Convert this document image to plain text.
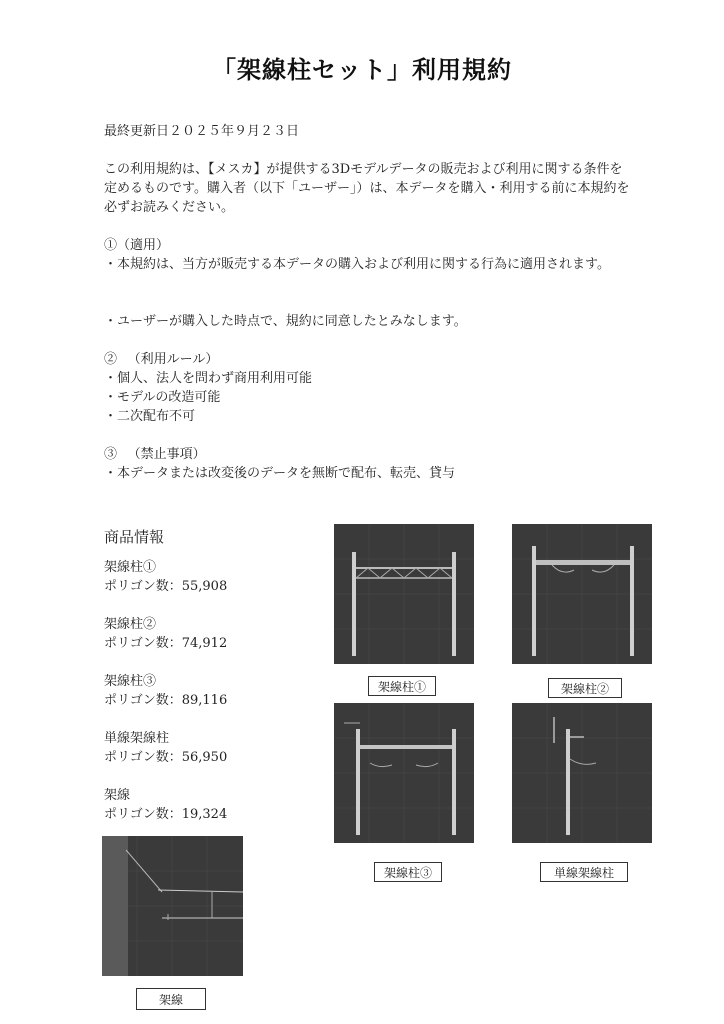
「架線柱セット」利用規約
最終更新日２０２５年９月２３日
この利用規約は、【メスカ】が提供する3Dモデルデータの販売および利用に関する条件を定めるものです。購入者（以下「ユーザー」）は、本データを購入・利用する前に本規約を必ずお読みください。
①（適用）
・本規約は、当方が販売する本データの購入および利用に関する行為に適用されます。
・ユーザーが購入した時点で、規約に同意したとみなします。
② 　（利用ルール）
・個人、法人を問わず商用利用可能
・モデルの改造可能
・二次配布不可
③ 　（禁止事項）
・本データまたは改変後のデータを無断で配布、転売、貸与
商品情報
架線柱①
ポリゴン数：55,908
架線柱②
ポリゴン数：74,912
架線柱③
ポリゴン数：89,116
単線架線柱
ポリゴン数：56,950
架線
ポリゴン数：19,324
架線柱①	架線柱②
架線柱③	単線架線柱
架線
